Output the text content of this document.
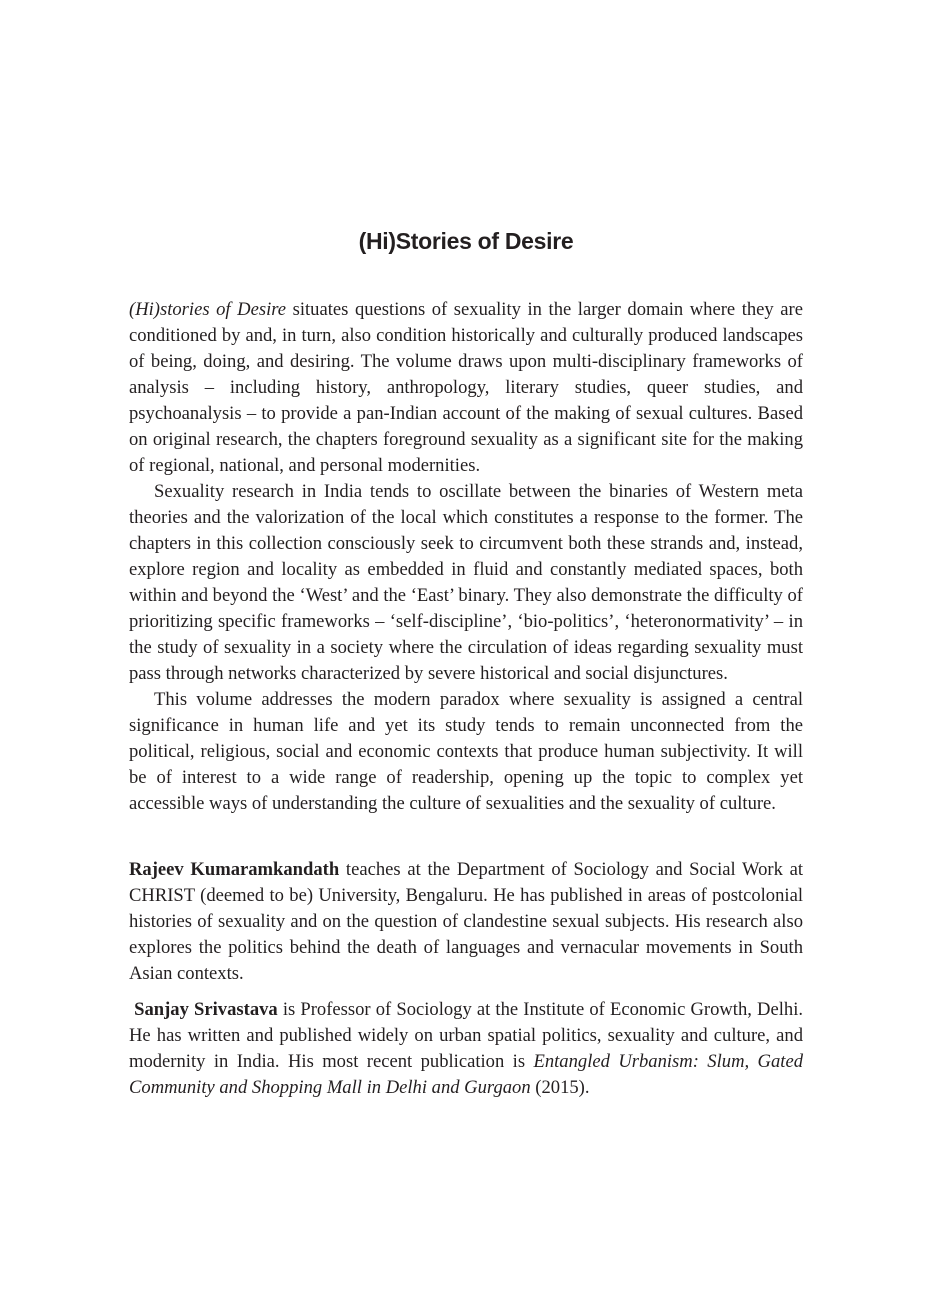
(Hi)Stories of Desire

(Hi)stories of Desire situates questions of sexuality in the larger domain where they are conditioned by and, in turn, also condition historically and culturally produced landscapes of being, doing, and desiring. The volume draws upon multi-disciplinary frameworks of analysis – including history, anthropology, literary studies, queer studies, and psychoanalysis – to provide a pan-Indian account of the making of sexual cultures. Based on original research, the chapters foreground sexuality as a significant site for the making of regional, national, and personal modernities.

Sexuality research in India tends to oscillate between the binaries of Western meta theories and the valorization of the local which constitutes a response to the former. The chapters in this collection consciously seek to circumvent both these strands and, instead, explore region and locality as embedded in fluid and constantly mediated spaces, both within and beyond the ‘West’ and the ‘East’ binary. They also demonstrate the difficulty of prioritizing specific frameworks – ‘self-discipline’, ‘bio-politics’, ‘heteronormativity’ – in the study of sexuality in a society where the circulation of ideas regarding sexuality must pass through networks characterized by severe historical and social disjunctures.

This volume addresses the modern paradox where sexuality is assigned a central significance in human life and yet its study tends to remain unconnected from the political, religious, social and economic contexts that produce human subjectivity. It will be of interest to a wide range of readership, opening up the topic to complex yet accessible ways of understanding the culture of sexualities and the sexuality of culture.

Rajeev Kumaramkandath teaches at the Department of Sociology and Social Work at CHRIST (deemed to be) University, Bengaluru. He has published in areas of postcolonial histories of sexuality and on the question of clandestine sexual subjects. His research also explores the politics behind the death of languages and vernacular movements in South Asian contexts.

Sanjay Srivastava is Professor of Sociology at the Institute of Economic Growth, Delhi. He has written and published widely on urban spatial politics, sexuality and culture, and modernity in India. His most recent publication is Entangled Urbanism: Slum, Gated Community and Shopping Mall in Delhi and Gurgaon (2015).
